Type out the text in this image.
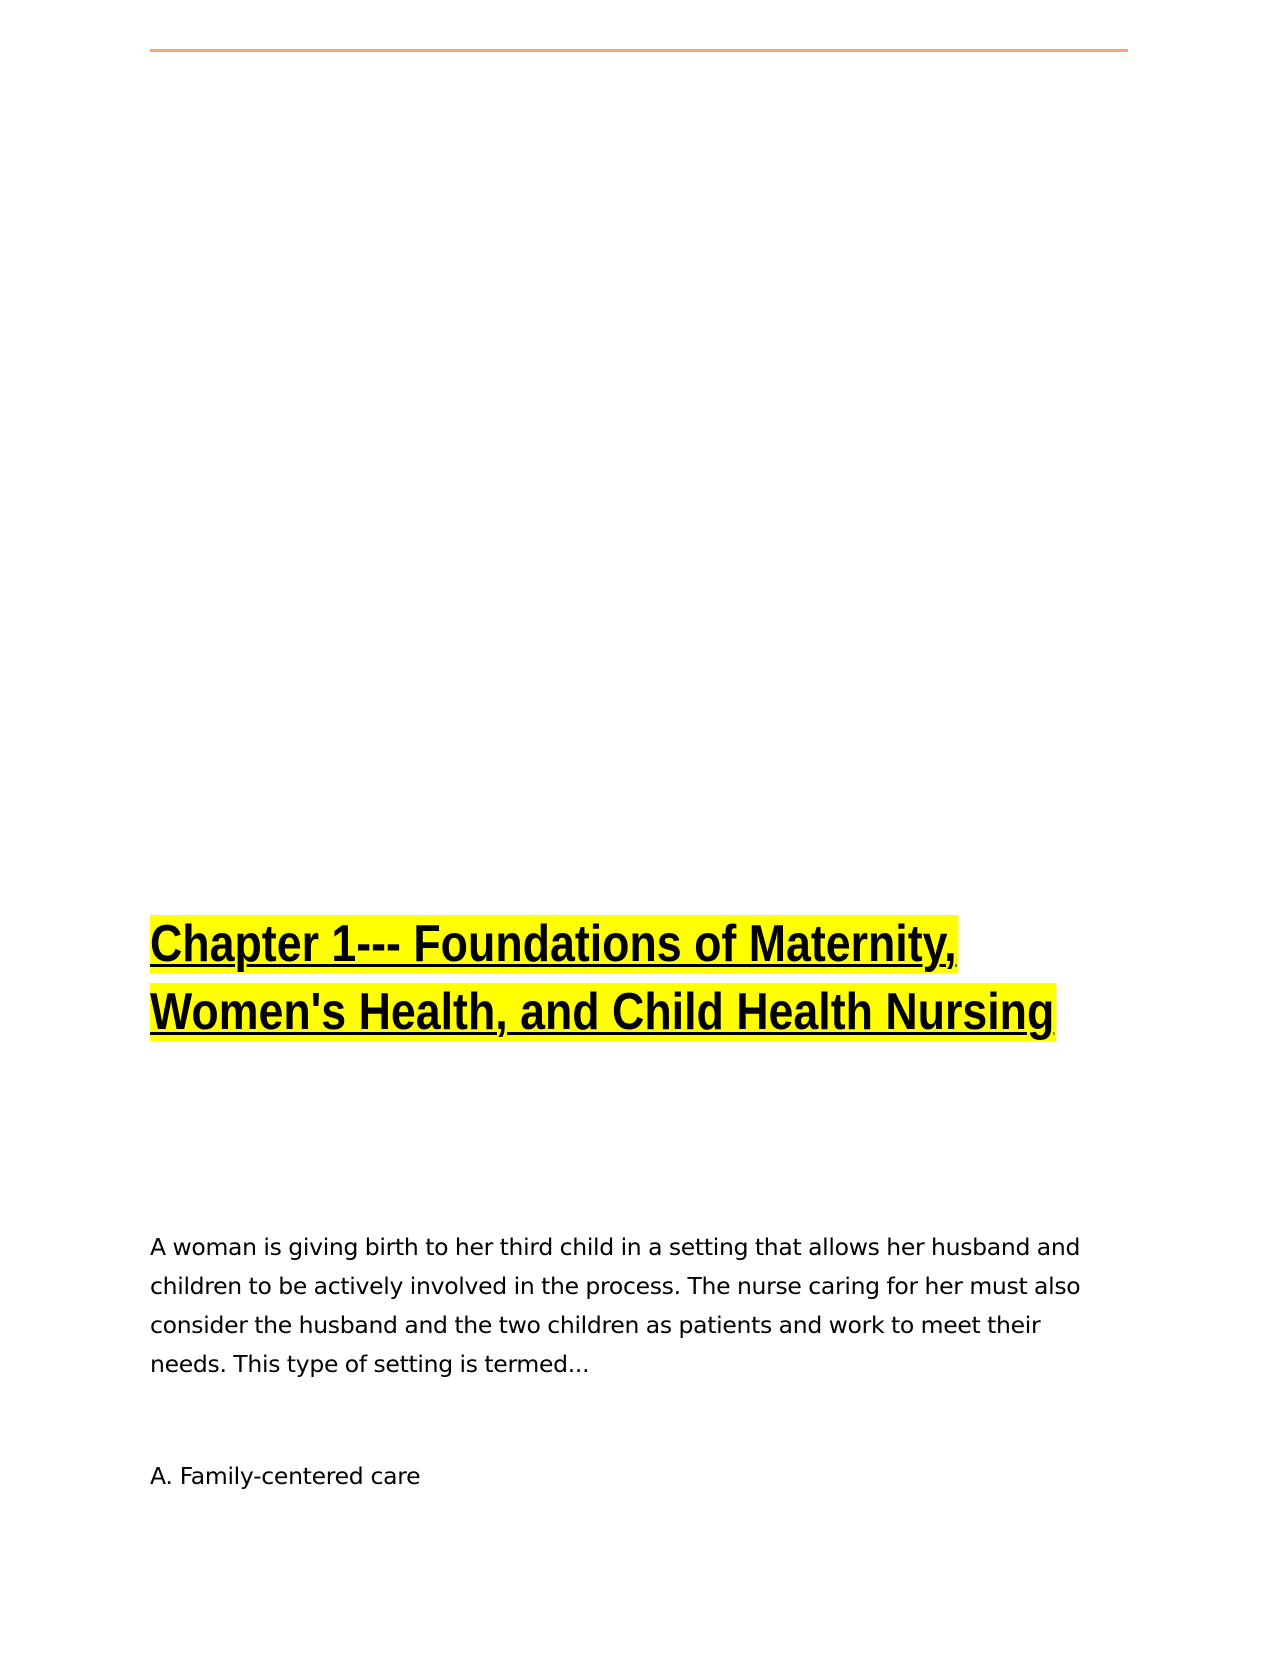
Chapter 1--- Foundations of Maternity,
Women's Health, and Child Health Nursing

A woman is giving birth to her third child in a setting that allows her husband and
children to be actively involved in the process. The nurse caring for her must also
consider the husband and the two children as patients and work to meet their
needs. This type of setting is termed...

A. Family-centered care
